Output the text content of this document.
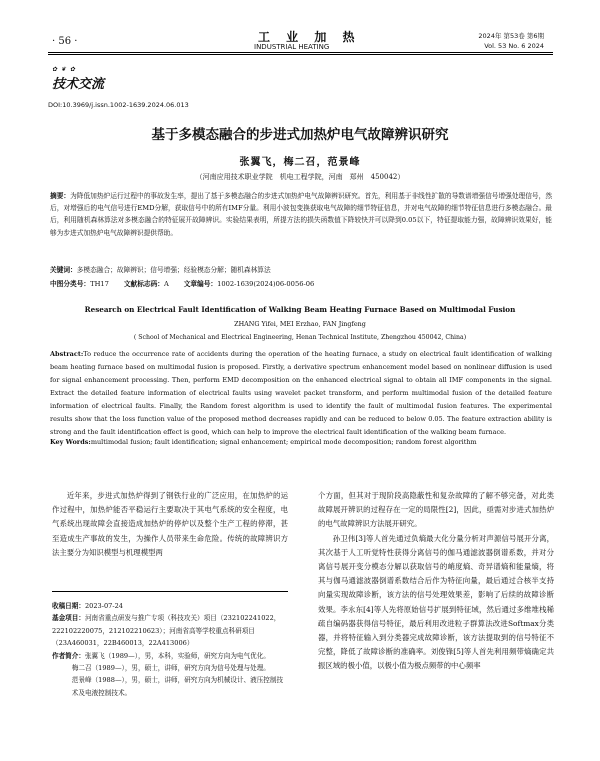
· 56 ·	工 业 加 热
INDUSTRIAL HEATING
2024年 第53卷 第6期
Vol. 53 No. 6 2024
✿ ❦ ✿
技术交流
DOI:10.3969/j.issn.1002-1639.2024.06.013
基于多模态融合的步进式加热炉电气故障辨识研究
张翼飞，梅二召，范景峰
（河南应用技术职业学院　机电工程学院，河南　郑州　450042）
摘要：为降低加热炉运行过程中的事故发生率，提出了基于多模态融合的步进式加热炉电气故障辨识研究。首先，利用基于非线性扩散的导数谱增强信号增强处理信号，然后，对增强后的电气信号进行EMD分解，获取信号中的所有IMF分量。利用小波包变换获取电气故障的细节特征信息，并对电气故障的细节特征信息进行多模态融合。最后，利用随机森林算法对多模态融合的特征展开故障辨识。实验结果表明，所提方法的损失函数值下降较快并可以降到0.05以下，特征提取能力强，故障辨识效果好，能够为步进式加热炉电气故障辨识提供帮助。
关键词：多模态融合；故障辨识；信号增强；经验模态分解；随机森林算法
中图分类号：TH17 文献标志码：A 文章编号：1002-1639(2024)06-0056-06
Research on Electrical Fault Identification of Walking Beam Heating Furnace Based on Multimodal Fusion
ZHANG Yifei, MEI Erzhao, FAN Jingfeng
( School of Mechanical and Electrical Engineering, Henan Technical Institute, Zhengzhou 450042, China)
Abstract:To reduce the occurrence rate of accidents during the operation of the heating furnace, a study on electrical fault identification of walking beam heating furnace based on multimodal fusion is proposed. Firstly, a derivative spectrum enhancement model based on nonlinear diffusion is used for signal enhancement processing. Then, perform EMD decomposition on the enhanced electrical signal to obtain all IMF components in the signal. Extract the detailed feature information of electrical faults using wavelet packet transform, and perform multimodal fusion of the detailed feature information of electrical faults. Finally, the Random forest algorithm is used to identify the fault of multimodal fusion features. The experimental results show that the loss function value of the proposed method decreases rapidly and can be reduced to below 0.05. The feature extraction ability is strong and the fault identification effect is good, which can help to improve the electrical fault identification of the walking beam furnace.
Key Words:multimodal fusion; fault identification; signal enhancement; empirical mode decomposition; random forest algorithm

近年来，步进式加热炉得到了钢铁行业的广泛应用，在加热炉的运作过程中，加热炉能否平稳运行主要取决于其电气系统的安全程度，电气系统出现故障会直接造成加热炉的停炉以及整个生产工程的停滞，甚至造成生产事故的发生，为操作人员带来生命危险。传统的故障辨识方法主要分为知识模型与机理模型两

个方面，但其对于现阶段高隐蔽性和复杂故障的了解不够完备，对此类故障展开辨识的过程存在一定的局限性[2]，因此，亟需对步进式加热炉的电气故障辨识方法展开研究。

孙卫伟[3]等人首先通过负熵最大化分量分析对声源信号展开分离，其次基于人工听觉特性获得分离信号的伽马通滤波器倒谱系数，并对分离信号展开变分模态分解以获取信号的峭度熵、奇异谱熵和能量熵，将其与伽马通滤波器倒谱系数结合后作为特征向量，最后通过合核半支持向量实现故障诊断，该方法的信号处理效果差，影响了后续的故障诊断效果。李永东[4]等人先将原始信号扩展到特征域，然后通过多维堆栈稀疏自编码器获得信号特征，最后利用改进粒子群算法改进Softmax分类器，并将特征输入到分类器完成故障诊断，该方法提取到的信号特征不完整，降低了故障诊断的准确率。刘俊锋[5]等人首先利用频带熵确定共振区域的极小值，以极小值为极点频带的中心频率

收稿日期：2023-07-24

基金项目：河南省重点研发与推广专项（科技攻关）项目（232102241022，222102220075，212102210623）；河南省高等学校重点科研项目（23A460031，22B460013，22A413006）

作者简介：张翼飞（1989—），男，本科，实验师，研究方向为电气优化。

梅二召（1989—），男，硕士，讲师，研究方向为信号处理与处理。

范景峰（1988—），男，硕士，讲师，研究方向为机械设计、液压控制技术及电液控制技术。
